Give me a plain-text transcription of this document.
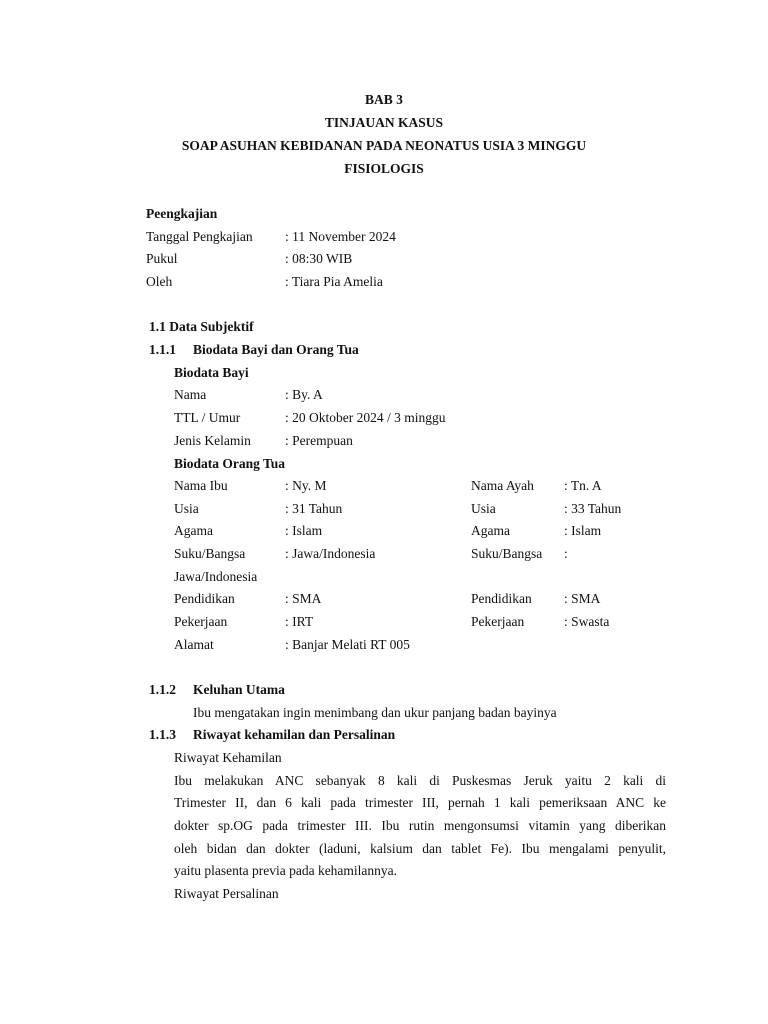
BAB 3
TINJAUAN KASUS
SOAP ASUHAN KEBIDANAN PADA NEONATUS USIA 3 MINGGU
FISIOLOGIS
Peengkajian
Tanggal Pengkajian : 11 November 2024
Pukul	: 08:30 WIB
Oleh	: Tiara Pia Amelia
1.1 Data Subjektif
1.1.1 Biodata Bayi dan Orang Tua
Biodata Bayi
Nama	: By. A
TTL / Umur	: 20 Oktober 2024 / 3 minggu
Jenis Kelamin	: Perempuan
Biodata Orang Tua
Nama Ibu	: Ny. M	Nama Ayah : Tn. A
Usia	: 31 Tahun	Usia	: 33 Tahun
Agama	: Islam	Agama	: Islam
Suku/Bangsa	: Jawa/Indonesia	Suku/Bangsa :
Jawa/Indonesia
Pendidikan	: SMA	Pendidikan : SMA
Pekerjaan	: IRT	Pekerjaan	: Swasta
Alamat	: Banjar Melati RT 005
1.1.2 Keluhan Utama
Ibu mengatakan ingin menimbang dan ukur panjang badan bayinya
1.1.3 Riwayat kehamilan dan Persalinan
Riwayat Kehamilan
Ibu melakukan ANC sebanyak 8 kali di Puskesmas Jeruk yaitu 2 kali di
Trimester II, dan 6 kali pada trimester III, pernah 1 kali pemeriksaan ANC ke
dokter sp.OG pada trimester III. Ibu rutin mengonsumsi vitamin yang diberikan
oleh bidan dan dokter (laduni, kalsium dan tablet Fe). Ibu mengalami penyulit,
yaitu plasenta previa pada kehamilannya.
Riwayat Persalinan
